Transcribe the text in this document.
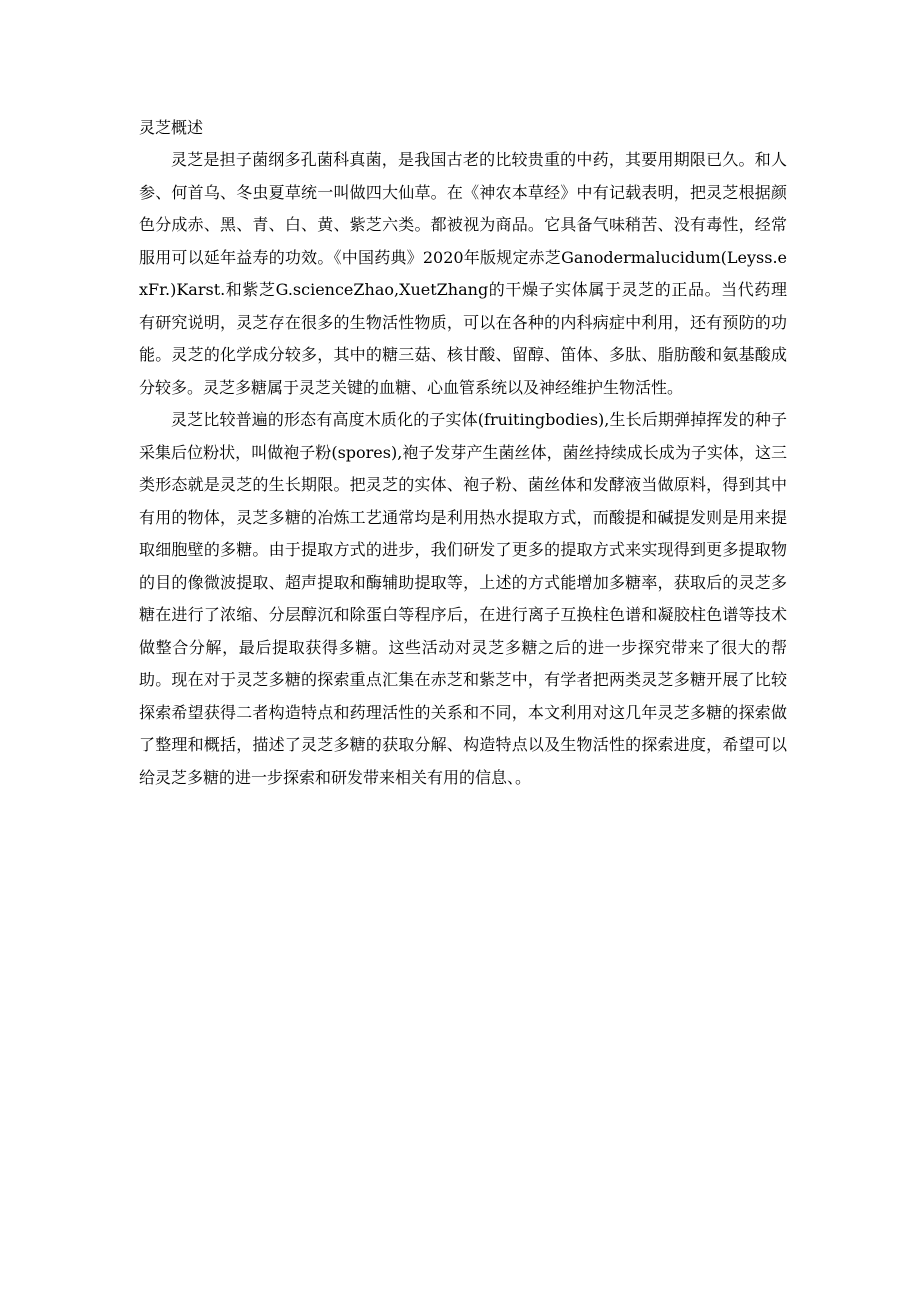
灵芝概述

灵芝是担子菌纲多孔菌科真菌，是我国古老的比较贵重的中药，其要用期限已久。和人参、何首乌、冬虫夏草统一叫做四大仙草。在《神农本草经》中有记载表明，把灵芝根据颜色分成赤、黑、青、白、黄、紫芝六类。都被视为商品。它具备气味稍苦、没有毒性，经常服用可以延年益寿的功效。《中国药典》2020年版规定赤芝Ganodermalucidum(Leyss.exFr.)Karst.和紫芝G.scienceZhao,XuetZhang的干燥子实体属于灵芝的正品。当代药理有研究说明，灵芝存在很多的生物活性物质，可以在各种的内科病症中利用，还有预防的功能。灵芝的化学成分较多，其中的糖三菇、核甘酸、留醇、笛体、多肽、脂肪酸和氨基酸成分较多。灵芝多糖属于灵芝关键的血糖、心血管系统以及神经维护生物活性。

灵芝比较普遍的形态有高度木质化的子实体(fruitingbodies),生长后期弹掉挥发的种子采集后位粉状，叫做袍子粉(spores),袍子发芽产生菌丝体，菌丝持续成长成为子实体，这三类形态就是灵芝的生长期限。把灵芝的实体、袍子粉、菌丝体和发酵液当做原料，得到其中有用的物体，灵芝多糖的冶炼工艺通常均是利用热水提取方式，而酸提和碱提发则是用来提取细胞壁的多糖。由于提取方式的进步，我们研发了更多的提取方式来实现得到更多提取物的目的像微波提取、超声提取和酶辅助提取等，上述的方式能增加多糖率，获取后的灵芝多糖在进行了浓缩、分层醇沉和除蛋白等程序后，在进行离子互换柱色谱和凝胶柱色谱等技术做整合分解，最后提取获得多糖。这些活动对灵芝多糖之后的进一步探究带来了很大的帮助。现在对于灵芝多糖的探索重点汇集在赤芝和紫芝中，有学者把两类灵芝多糖开展了比较探索希望获得二者构造特点和药理活性的关系和不同，本文利用对这几年灵芝多糖的探索做了整理和概括，描述了灵芝多糖的获取分解、构造特点以及生物活性的探索进度，希望可以给灵芝多糖的进一步探索和研发带来相关有用的信息、。
